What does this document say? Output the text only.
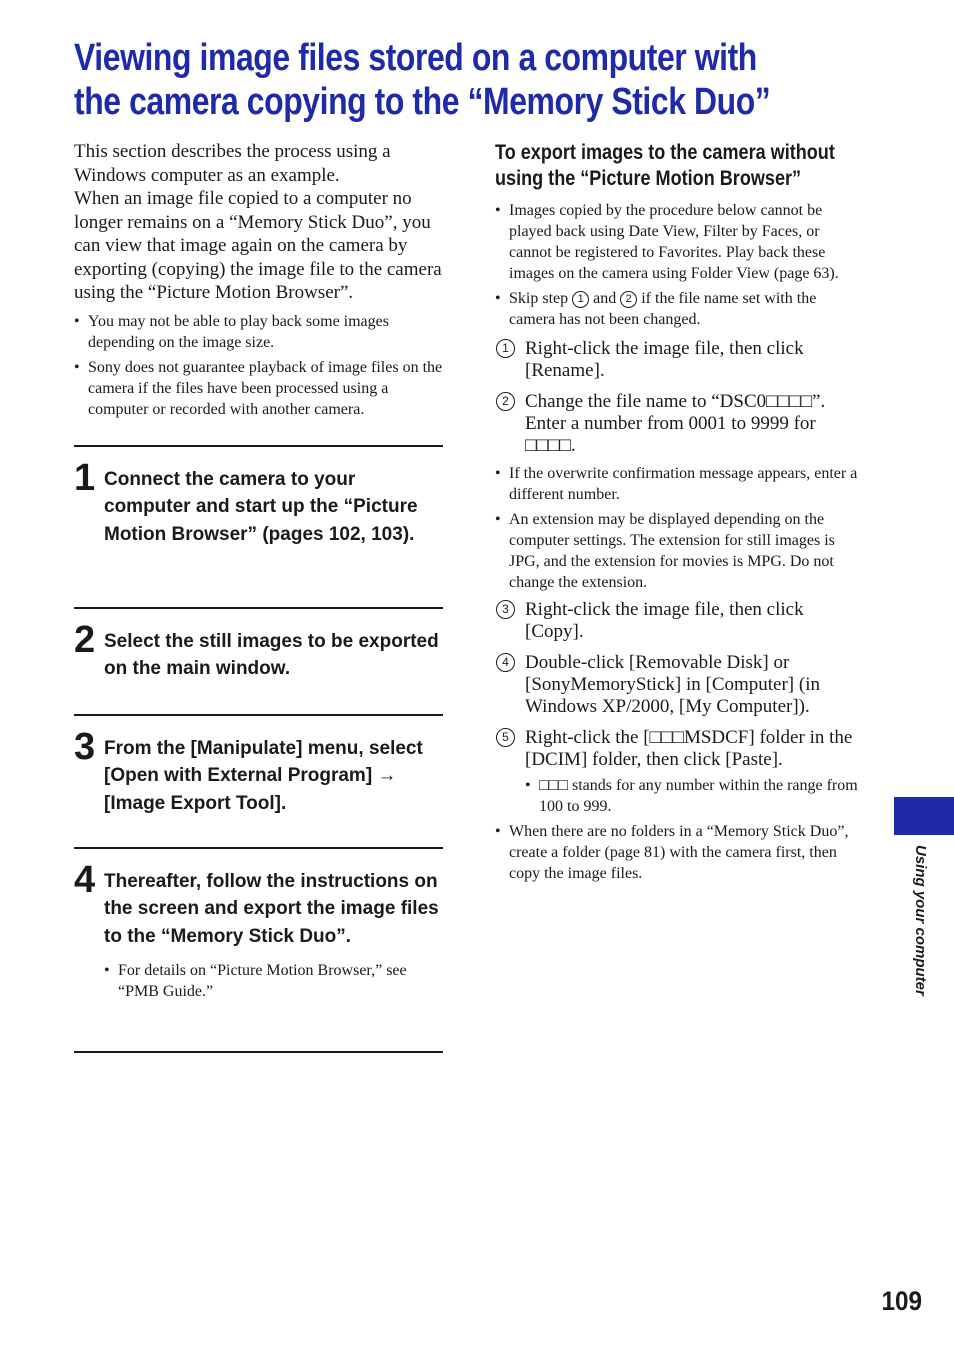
Viewing image files stored on a computer with
the camera copying to the “Memory Stick Duo”

This section describes the process using a Windows computer as an example.

When an image file copied to a computer no longer remains on a “Memory Stick Duo”, you can view that image again on the camera by exporting (copying) the image file to the camera using the “Picture Motion Browser”.

• You may not be able to play back some images depending on the image size.
• Sony does not guarantee playback of image files on the camera if the files have been processed using a computer or recorded with another camera.
1 Connect the camera to your computer and start up the “Picture Motion Browser” (pages 102, 103).
2 Select the still images to be exported on the main window.
3 From the [Manipulate] menu, select [Open with External Program] → [Image Export Tool].
4 Thereafter, follow the instructions on the screen and export the image files to the “Memory Stick Duo”.
• For details on “Picture Motion Browser,” see “PMB Guide.”
To export images to the camera without
using the “Picture Motion Browser”
• Images copied by the procedure below cannot be played back using Date View, Filter by Faces, or cannot be registered to Favorites. Play back these images on the camera using Folder View (page 63).
• Skip step 1 and 2 if the file name set with the camera has not been changed.
1 Right-click the image file, then click [Rename].
2 Change the file name to “DSC0□□□□”. Enter a number from 0001 to 9999 for □□□□.
• If the overwrite confirmation message appears, enter a different number.
• An extension may be displayed depending on the computer settings. The extension for still images is JPG, and the extension for movies is MPG. Do not change the extension.
3 Right-click the image file, then click [Copy].
4 Double-click [Removable Disk] or [SonyMemoryStick] in [Computer] (in Windows XP/2000, [My Computer]).
5 Right-click the [□□□MSDCF] folder in the [DCIM] folder, then click [Paste].
• □□□ stands for any number within the range from 100 to 999.
• When there are no folders in a “Memory Stick Duo”, create a folder (page 81) with the camera first, then copy the image files.	Using your computer
109
